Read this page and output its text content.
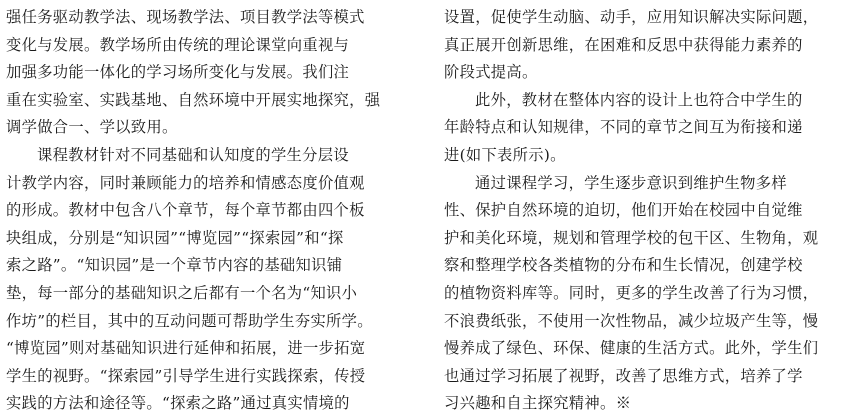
强任务驱动教学法、现场教学法、项目教学法等模式
变化与发展。教学场所由传统的理论课堂向重视与
加强多功能一体化的学习场所变化与发展。我们注
重在实验室、实践基地、自然环境中开展实地探究，强
调学做合一、学以致用。
课程教材针对不同基础和认知度的学生分层设
计教学内容，同时兼顾能力的培养和情感态度价值观
的形成。教材中包含八个章节，每个章节都由四个板
块组成，分别是“知识园”“博览园”“探索园”和“探
索之路”。“知识园”是一个章节内容的基础知识铺
垫，每一部分的基础知识之后都有一个名为“知识小
作坊”的栏目，其中的互动问题可帮助学生夯实所学。
“博览园”则对基础知识进行延伸和拓展，进一步拓宽
学生的视野。“探索园”引导学生进行实践探索，传授
实践的方法和途径等。“探索之路”通过真实情境的
设置，促使学生动脑、动手，应用知识解决实际问题，
真正展开创新思维，在困难和反思中获得能力素养的
阶段式提高。
此外，教材在整体内容的设计上也符合中学生的
年龄特点和认知规律，不同的章节之间互为衔接和递
进(如下表所示)。
通过课程学习，学生逐步意识到维护生物多样
性、保护自然环境的迫切，他们开始在校园中自觉维
护和美化环境，规划和管理学校的包干区、生物角，观
察和整理学校各类植物的分布和生长情况，创建学校
的植物资料库等。同时，更多的学生改善了行为习惯，
不浪费纸张，不使用一次性物品，减少垃圾产生等，慢
慢养成了绿色、环保、健康的生活方式。此外，学生们
也通过学习拓展了视野，改善了思维方式，培养了学
习兴趣和自主探究精神。※
